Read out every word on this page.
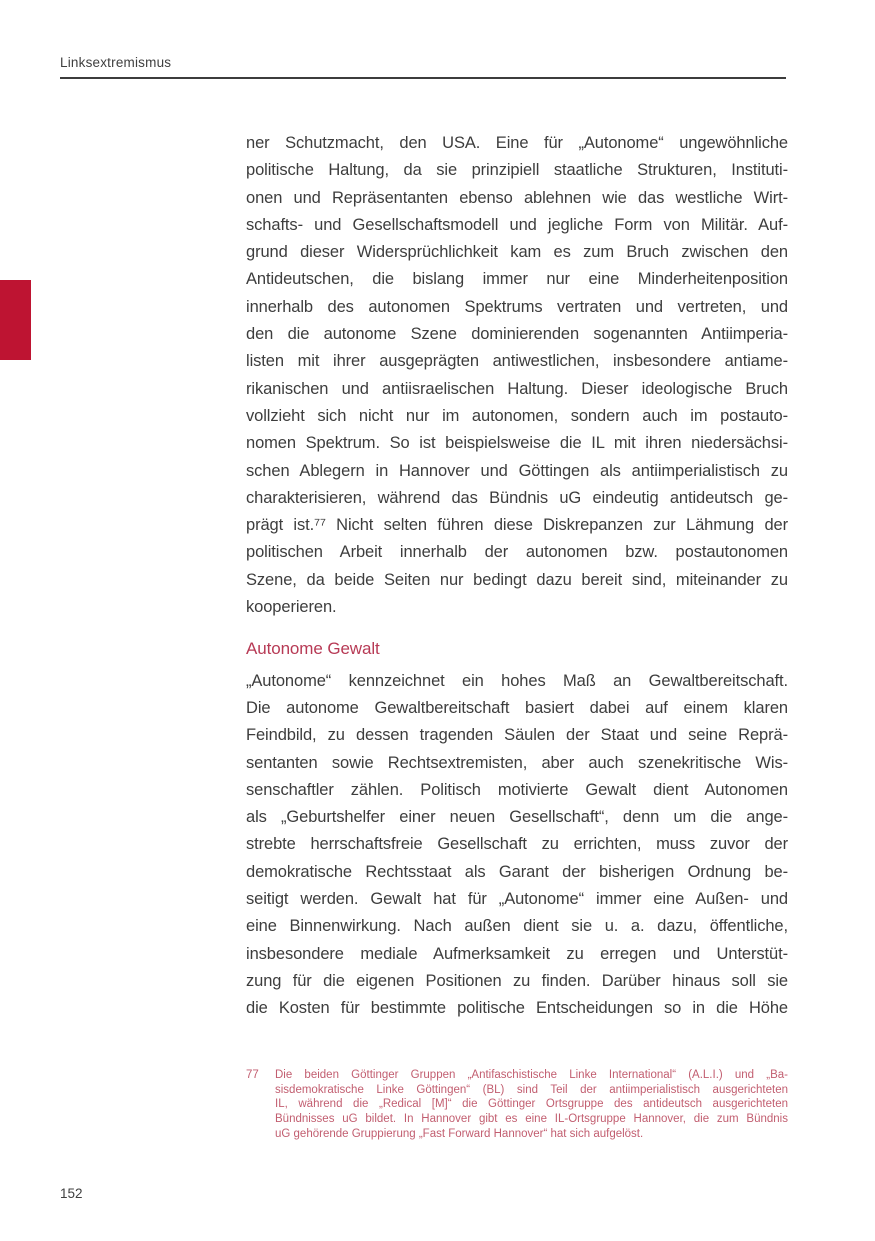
Linksextremismus
ner Schutzmacht, den USA. Eine für „Autonome“ ungewöhnliche
politische Haltung, da sie prinzipiell staatliche Strukturen, Instituti-
onen und Repräsentanten ebenso ablehnen wie das westliche Wirt-
schafts- und Gesellschaftsmodell und jegliche Form von Militär. Auf-
grund dieser Widersprüchlichkeit kam es zum Bruch zwischen den
Antideutschen, die bislang immer nur eine Minderheitenposition
innerhalb des autonomen Spektrums vertraten und vertreten, und
den die autonome Szene dominierenden sogenannten Antiimperia-
listen mit ihrer ausgeprägten antiwestlichen, insbesondere antiame-
rikanischen und antiisraelischen Haltung. Dieser ideologische Bruch
vollzieht sich nicht nur im autonomen, sondern auch im postauto-
nomen Spektrum. So ist beispielsweise die IL mit ihren niedersächsi-
schen Ablegern in Hannover und Göttingen als antiimperialistisch zu
charakterisieren, während das Bündnis uG eindeutig antideutsch ge-
prägt ist.⁷⁷ Nicht selten führen diese Diskrepanzen zur Lähmung der
politischen Arbeit innerhalb der autonomen bzw. postautonomen
Szene, da beide Seiten nur bedingt dazu bereit sind, miteinander zu
kooperieren.
Autonome Gewalt
„Autonome“ kennzeichnet ein hohes Maß an Gewaltbereitschaft.
Die autonome Gewaltbereitschaft basiert dabei auf einem klaren
Feindbild, zu dessen tragenden Säulen der Staat und seine Reprä-
sentanten sowie Rechtsextremisten, aber auch szenekritische Wis-
senschaftler zählen. Politisch motivierte Gewalt dient Autonomen
als „Geburtshelfer einer neuen Gesellschaft“, denn um die ange-
strebte herrschaftsfreie Gesellschaft zu errichten, muss zuvor der
demokratische Rechtsstaat als Garant der bisherigen Ordnung be-
seitigt werden. Gewalt hat für „Autonome“ immer eine Außen- und
eine Binnenwirkung. Nach außen dient sie u. a. dazu, öffentliche,
insbesondere mediale Aufmerksamkeit zu erregen und Unterstüt-
zung für die eigenen Positionen zu finden. Darüber hinaus soll sie
die Kosten für bestimmte politische Entscheidungen so in die Höhe
77 Die beiden Göttinger Gruppen „Antifaschistische Linke International“ (A.L.I.) und „Ba-
sisdemokratische Linke Göttingen“ (BL) sind Teil der antiimperialistisch ausgerichteten
IL, während die „Redical [M]“ die Göttinger Ortsgruppe des antideutsch ausgerichteten
Bündnisses uG bildet. In Hannover gibt es eine IL-Ortsgruppe Hannover, die zum Bündnis
uG gehörende Gruppierung „Fast Forward Hannover“ hat sich aufgelöst.
152
